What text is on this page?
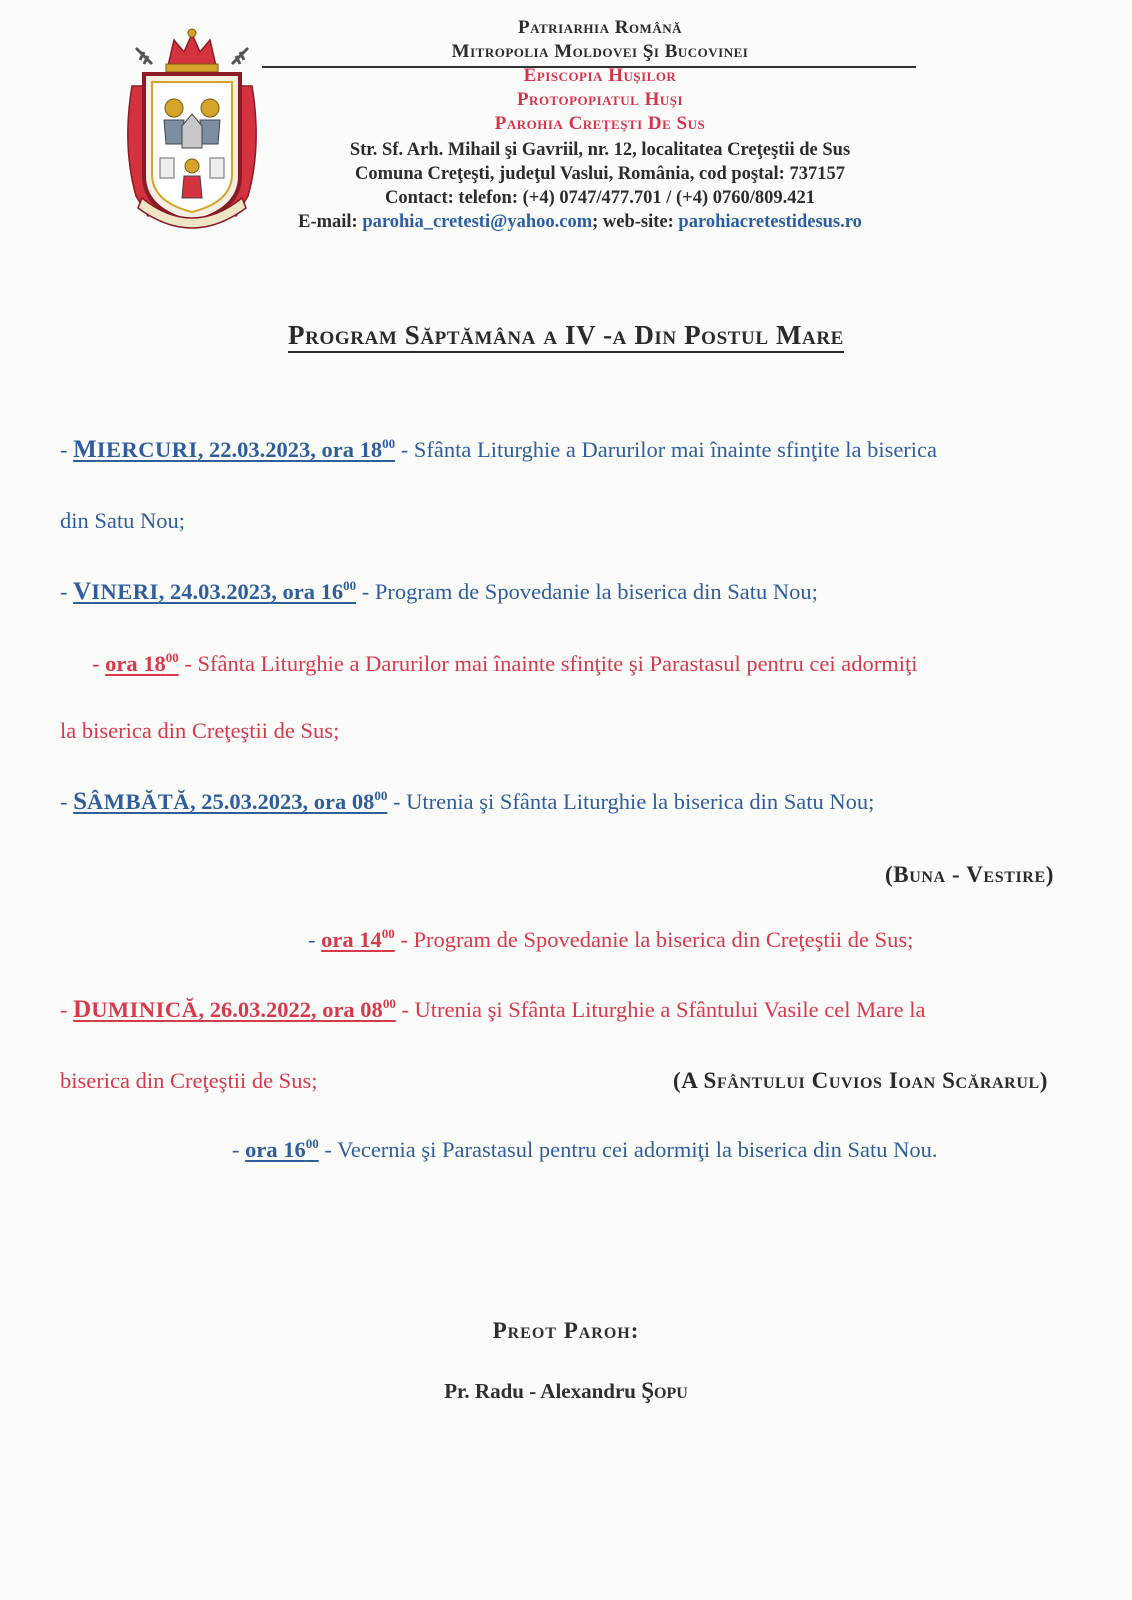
Patriarhia Română
Mitropolia Moldovei Şi Bucovinei
Episcopia Huşilor
Protopopiatul Huşi
Parohia Creţeşti De Sus
Str. Sf. Arh. Mihail şi Gavriil, nr. 12, localitatea Creţeştii de Sus
Comuna Creţeşti, judeţul Vaslui, România, cod poştal: 737157
Contact: telefon: (+4) 0747/477.701 / (+4) 0760/809.421
E-mail: parohia_cretesti@yahoo.com; web-site: parohiacretestidesus.ro
Program Săptămâna a IV -a Din Postul Mare
- MIERCURI, 22.03.2023, ora $18^{00}$ - Sfânta Liturghie a Darurilor mai înainte sfinţite la biserica
din Satu Nou;
- VINERI, 24.03.2023, ora $16^{00}$ - Program de Spovedanie la biserica din Satu Nou;
- ora $18^{00}$ - Sfânta Liturghie a Darurilor mai înainte sfinţite şi Parastasul pentru cei adormiţi
la biserica din Creţeştii de Sus;
- SÂMBĂTĂ, 25.03.2023, ora $08^{00}$ - Utrenia şi Sfânta Liturghie la biserica din Satu Nou;
(Buna - Vestire)
- ora $14^{00}$ - Program de Spovedanie la biserica din Creţeştii de Sus;
- DUMINICĂ, 26.03.2022, ora $08^{00}$ - Utrenia şi Sfânta Liturghie a Sfântului Vasile cel Mare la
biserica din Creţeştii de Sus;	(A Sfântului Cuvios Ioan Scărarul)
- ora $16^{00}$ - Vecernia şi Parastasul pentru cei adormiţi la biserica din Satu Nou.
Preot Paroh:
Pr. Radu - Alexandru Şopu
